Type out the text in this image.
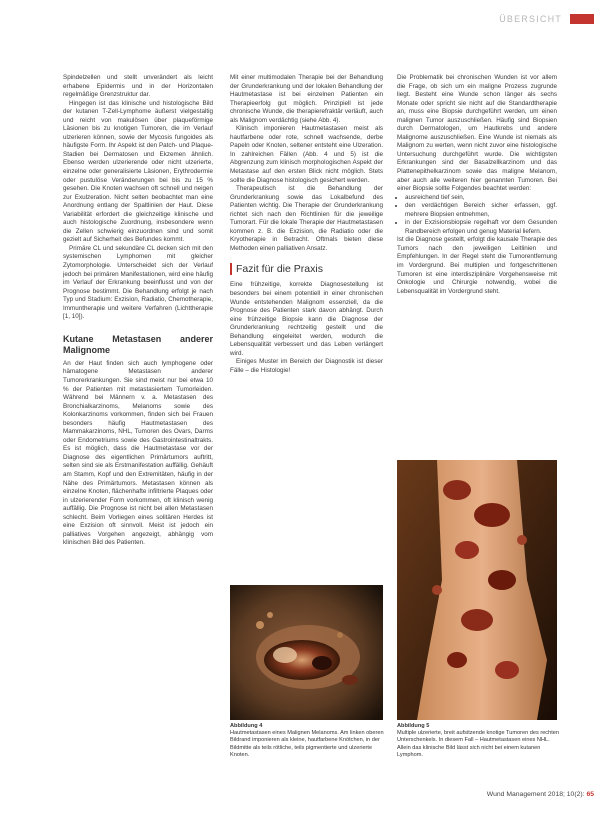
ÜBERSICHT

Spindelzellen und stellt unverändert als leicht erhabene Epidermis und in der Horizontalen regelmäßige Grenzstruktur dar.

Hingegen ist das klinische und histologische Bild der kutanen T-Zell-Lymphome äußerst vielgestaltig und reicht von makulösen über plaqueförmige Läsionen bis zu knotigen Tumoren, die im Verlauf ulzerieren können, sowie der Mycosis fungoides als häufigste Form. Ihr Aspekt ist den Patch- und Plaque-Stadien bei Dermatosen und Ekzemen ähnlich. Ebenso werden ulzerierende oder nicht ulzerierte, einzelne oder generalisierte Läsionen, Erythrodermie oder pustulöse Veränderungen bei bis zu 15 % gesehen. Die Knoten wachsen oft schnell und neigen zur Exulzeration. Nicht selten beobachtet man eine Anordnung entlang der Spaltlinien der Haut. Diese Variabilität erfordert die gleichzeitige klinische und auch histologische Zuordnung, insbesondere wenn die Zellen schwierig einzuordnen sind und somit gezielt auf Sicherheit des Befundes kommt.

Primäre CL und sekundäre CL decken sich mit den systemischen Lymphomen mit gleicher Zytomorphologie. Unterscheidet sich der Verlauf jedoch bei primären Manifestationen, wird eine häufig im Verlauf der Erkrankung beeinflusst und von der Prognose bestimmt. Die Behandlung erfolgt je nach Typ und Stadium: Exzision, Radiatio, Chemotherapie, Immuntherapie und weitere Verfahren (Lichttherapie [1, 10]).

Kutane Metastasen anderer Malignome

An der Haut finden sich auch lymphogene oder hämatogene Metastasen anderer Tumorerkrankungen. Sie sind meist nur bei etwa 10 % der Patienten mit metastasiertem Tumorleiden. Während bei Männern v. a. Metastasen des Bronchialkarzinoms, Melanoms sowie des Kolonkarzinoms vorkommen, finden sich bei Frauen besonders häufig Hautmetastasen des Mammakarzinoms, NHL, Tumoren des Ovars, Darms oder Endometriums sowie des Gastrointestinaltrakts. Es ist möglich, dass die Hautmetastase vor der Diagnose des eigentlichen Primärtumors auftritt, selten sind sie als Erstmanifestation auffällig. Gehäuft am Stamm, Kopf und den Extremitäten, häufig in der Nähe des Primärtumors. Metastasen können als einzelne Knoten, flächenhafte infiltrierte Plaques oder in ulzerierender Form vorkommen, oft klinisch wenig auffällig. Die Prognose ist nicht bei allen Metastasen schlecht. Beim Vorliegen eines solitären Herdes ist eine Exzision oft sinnvoll. Meist ist jedoch ein palliatives Vorgehen angezeigt, abhängig vom klinischen Bild des Patienten.

Mit einer multimodalen Therapie bei der Behandlung der Grunderkrankung und der lokalen Behandlung der Hautmetastase ist bei einzelnen Patienten ein Therapieerfolg gut möglich. Prinzipiell ist jede chronische Wunde, die therapierefraktär verläuft, auch als Malignom verdächtig (siehe Abb. 4).

Klinisch imponieren Hautmetastasen meist als hautfarbene oder rote, schnell wachsende, derbe Papeln oder Knoten, seltener entsteht eine Ulzeration. In zahlreichen Fällen (Abb. 4 und 5) ist die Abgrenzung zum klinisch morphologischen Aspekt der Metastase auf den ersten Blick nicht möglich. Stets sollte die Diagnose histologisch gesichert werden.

Therapeutisch ist die Behandlung der Grunderkrankung sowie das Lokalbefund des Patienten wichtig. Die Therapie der Grunderkrankung richtet sich nach den Richtlinien für die jeweilige Tumorart. Für die lokale Therapie der Hautmetastasen kommen z. B. die Exzision, die Radiatio oder die Kryotherapie in Betracht. Oftmals bieten diese Methoden einen palliativen Ansatz.

Fazit für die Praxis

Eine frühzeitige, korrekte Diagnosestellung ist besonders bei einem potentiell in einer chronischen Wunde entstehenden Malignom essenziell, da die Prognose des Patienten stark davon abhängt. Durch eine frühzeitige Biopsie kann die Diagnose der Grunderkrankung rechtzeitig gestellt und die Behandlung eingeleitet werden, wodurch die Lebensqualität verbessert und das Leben verlängert wird.

Einiges Muster im Bereich der Diagnostik ist dieser Fälle – die Histologie!

Die Problematik bei chronischen Wunden ist vor allem die Frage, ob sich um ein maligne Prozess zugrunde liegt. Besteht eine Wunde schon länger als sechs Monate oder spricht sie nicht auf die Standardtherapie an, muss eine Biopsie durchgeführt werden, um einen malignen Tumor auszuschließen. Häufig sind Biopsien durch Dermatologen, um Hautkrebs und andere Malignome auszuschließen. Eine Wunde ist niemals als Malignom zu werten, wenn nicht zuvor eine histologische Untersuchung durchgeführt wurde. Die wichtigsten Erkrankungen sind der Basalzellkarzinom und das Plattenepithelkarzinom sowie das maligne Melanom, aber auch alle weiteren hier genannten Tumoren. Bei einer Biopsie sollte Folgendes beachtet werden:

• ausreichend tief sein,
• den verdächtigen Bereich sicher erfassen, ggf. mehrere Biopsien entnehmen,
• in der Exzisionsbiopsie regelhaft vor dem Gesunden Randbereich erfolgen und genug Material liefern.

Ist die Diagnose gestellt, erfolgt die kausale Therapie des Tumors nach den jeweiligen Leitlinien und Empfehlungen. In der Regel steht die Tumorentfernung im Vordergrund. Bei multiplen und fortgeschrittenen Tumoren ist eine interdisziplinäre Vorgehensweise mit Onkologie und Chirurgie notwendig, wobei die Lebensqualität im Vordergrund steht.

Abbildung 4
Hautmetastasen eines Malignen Melanoms. Am linken oberen Bildrand imponieren als kleine, hautfarbene Knötchen, in der Bildmitte als teils rötliche, teils pigmentierte und ulzerierte Knoten.
Abbildung 5
Multiple ulzerierte, breit aufsitzende knotige Tumoren des rechten Unterschenkels. In diesem Fall – Hautmetastasen eines NHL. Allein das klinische Bild lässt sich nicht bei einem kutanen Lymphom.
Wund Management 2018; 10(2): 65
